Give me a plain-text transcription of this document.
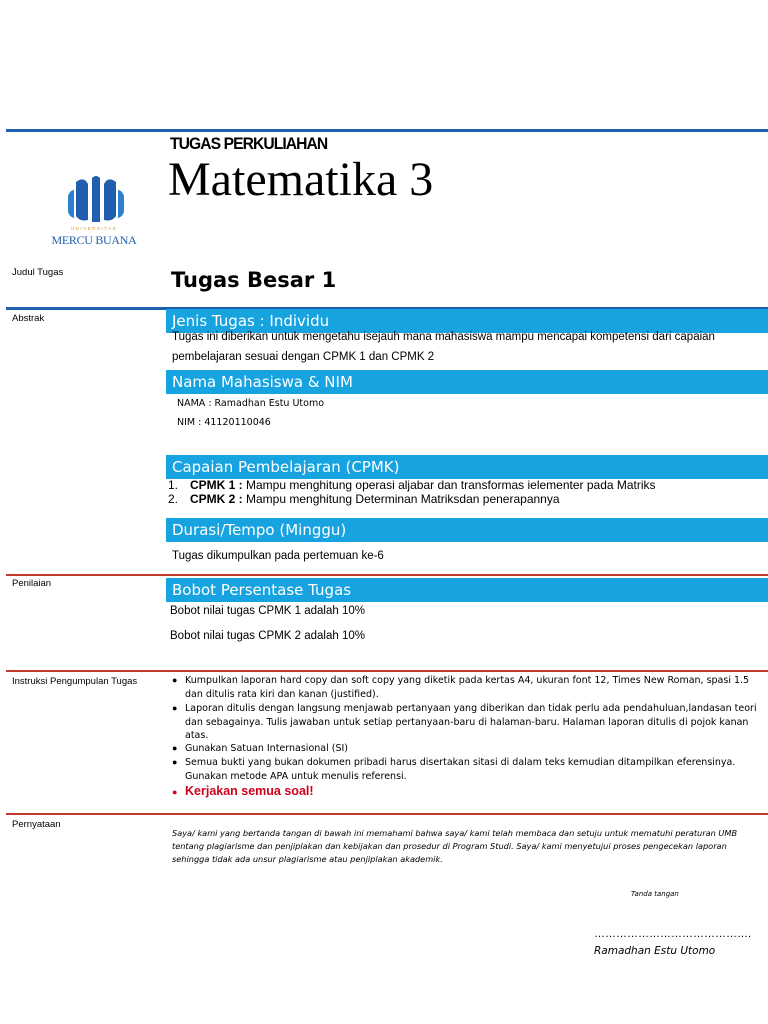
UNIVERSITAS
MERCU BUANA
TUGAS PERKULIAHAN
Matematika 3
Judul Tugas	Tugas Besar 1
Abstrak	Jenis Tugas : Individu
Tugas ini diberikan untuk mengetahu isejauh mana mahasiswa mampu mencapai kompetensi dari capaian
pembelajaran sesuai dengan CPMK 1 dan CPMK 2
Nama Mahasiswa & NIM
NAMA : Ramadhan Estu Utomo
NIM : 41120110046
Capaian Pembelajaran (CPMK)
1. CPMK 1 : Mampu menghitung operasi aljabar dan transformas ielementer pada Matriks
2. CPMK 2 : Mampu menghitung Determinan Matriksdan penerapannya
Durasi/Tempo (Minggu)
Tugas dikumpulkan pada pertemuan ke-6
Penilaian	Bobot Persentase Tugas
Bobot nilai tugas CPMK 1 adalah 10%
Bobot nilai tugas CPMK 2 adalah 10%
Instruksi Pengumpulan Tugas	● Kumpulkan laporan hard copy dan soft copy yang diketik pada kertas A4, ukuran font 12, Times New Roman, spasi 1.5
dan ditulis rata kiri dan kanan (justified).
● Laporan ditulis dengan langsung menjawab pertanyaan yang diberikan dan tidak perlu ada pendahuluan,landasan teori
dan sebagainya. Tulis jawaban untuk setiap pertanyaan-baru di halaman-baru. Halaman laporan ditulis di pojok kanan
atas.
● Gunakan Satuan Internasional (SI)
● Semua bukti yang bukan dokumen pribadi harus disertakan sitasi di dalam teks kemudian ditampilkan eferensinya.
Gunakan metode APA untuk menulis referensi.
● Kerjakan semua soal!
Pernyataan
Saya/ kami yang bertanda tangan di bawah ini memahami bahwa saya/ kami telah membaca dan setuju untuk mematuhi peraturan UMB
tentang plagiarisme dan penjiplakan dan kebijakan dan prosedur di Program Studi. Saya/ kami menyetujui proses pengecekan laporan
sehingga tidak ada unsur plagiarisme atau penjiplakan akademik.
Tanda tangan
…………………………………….
Ramadhan Estu Utomo
